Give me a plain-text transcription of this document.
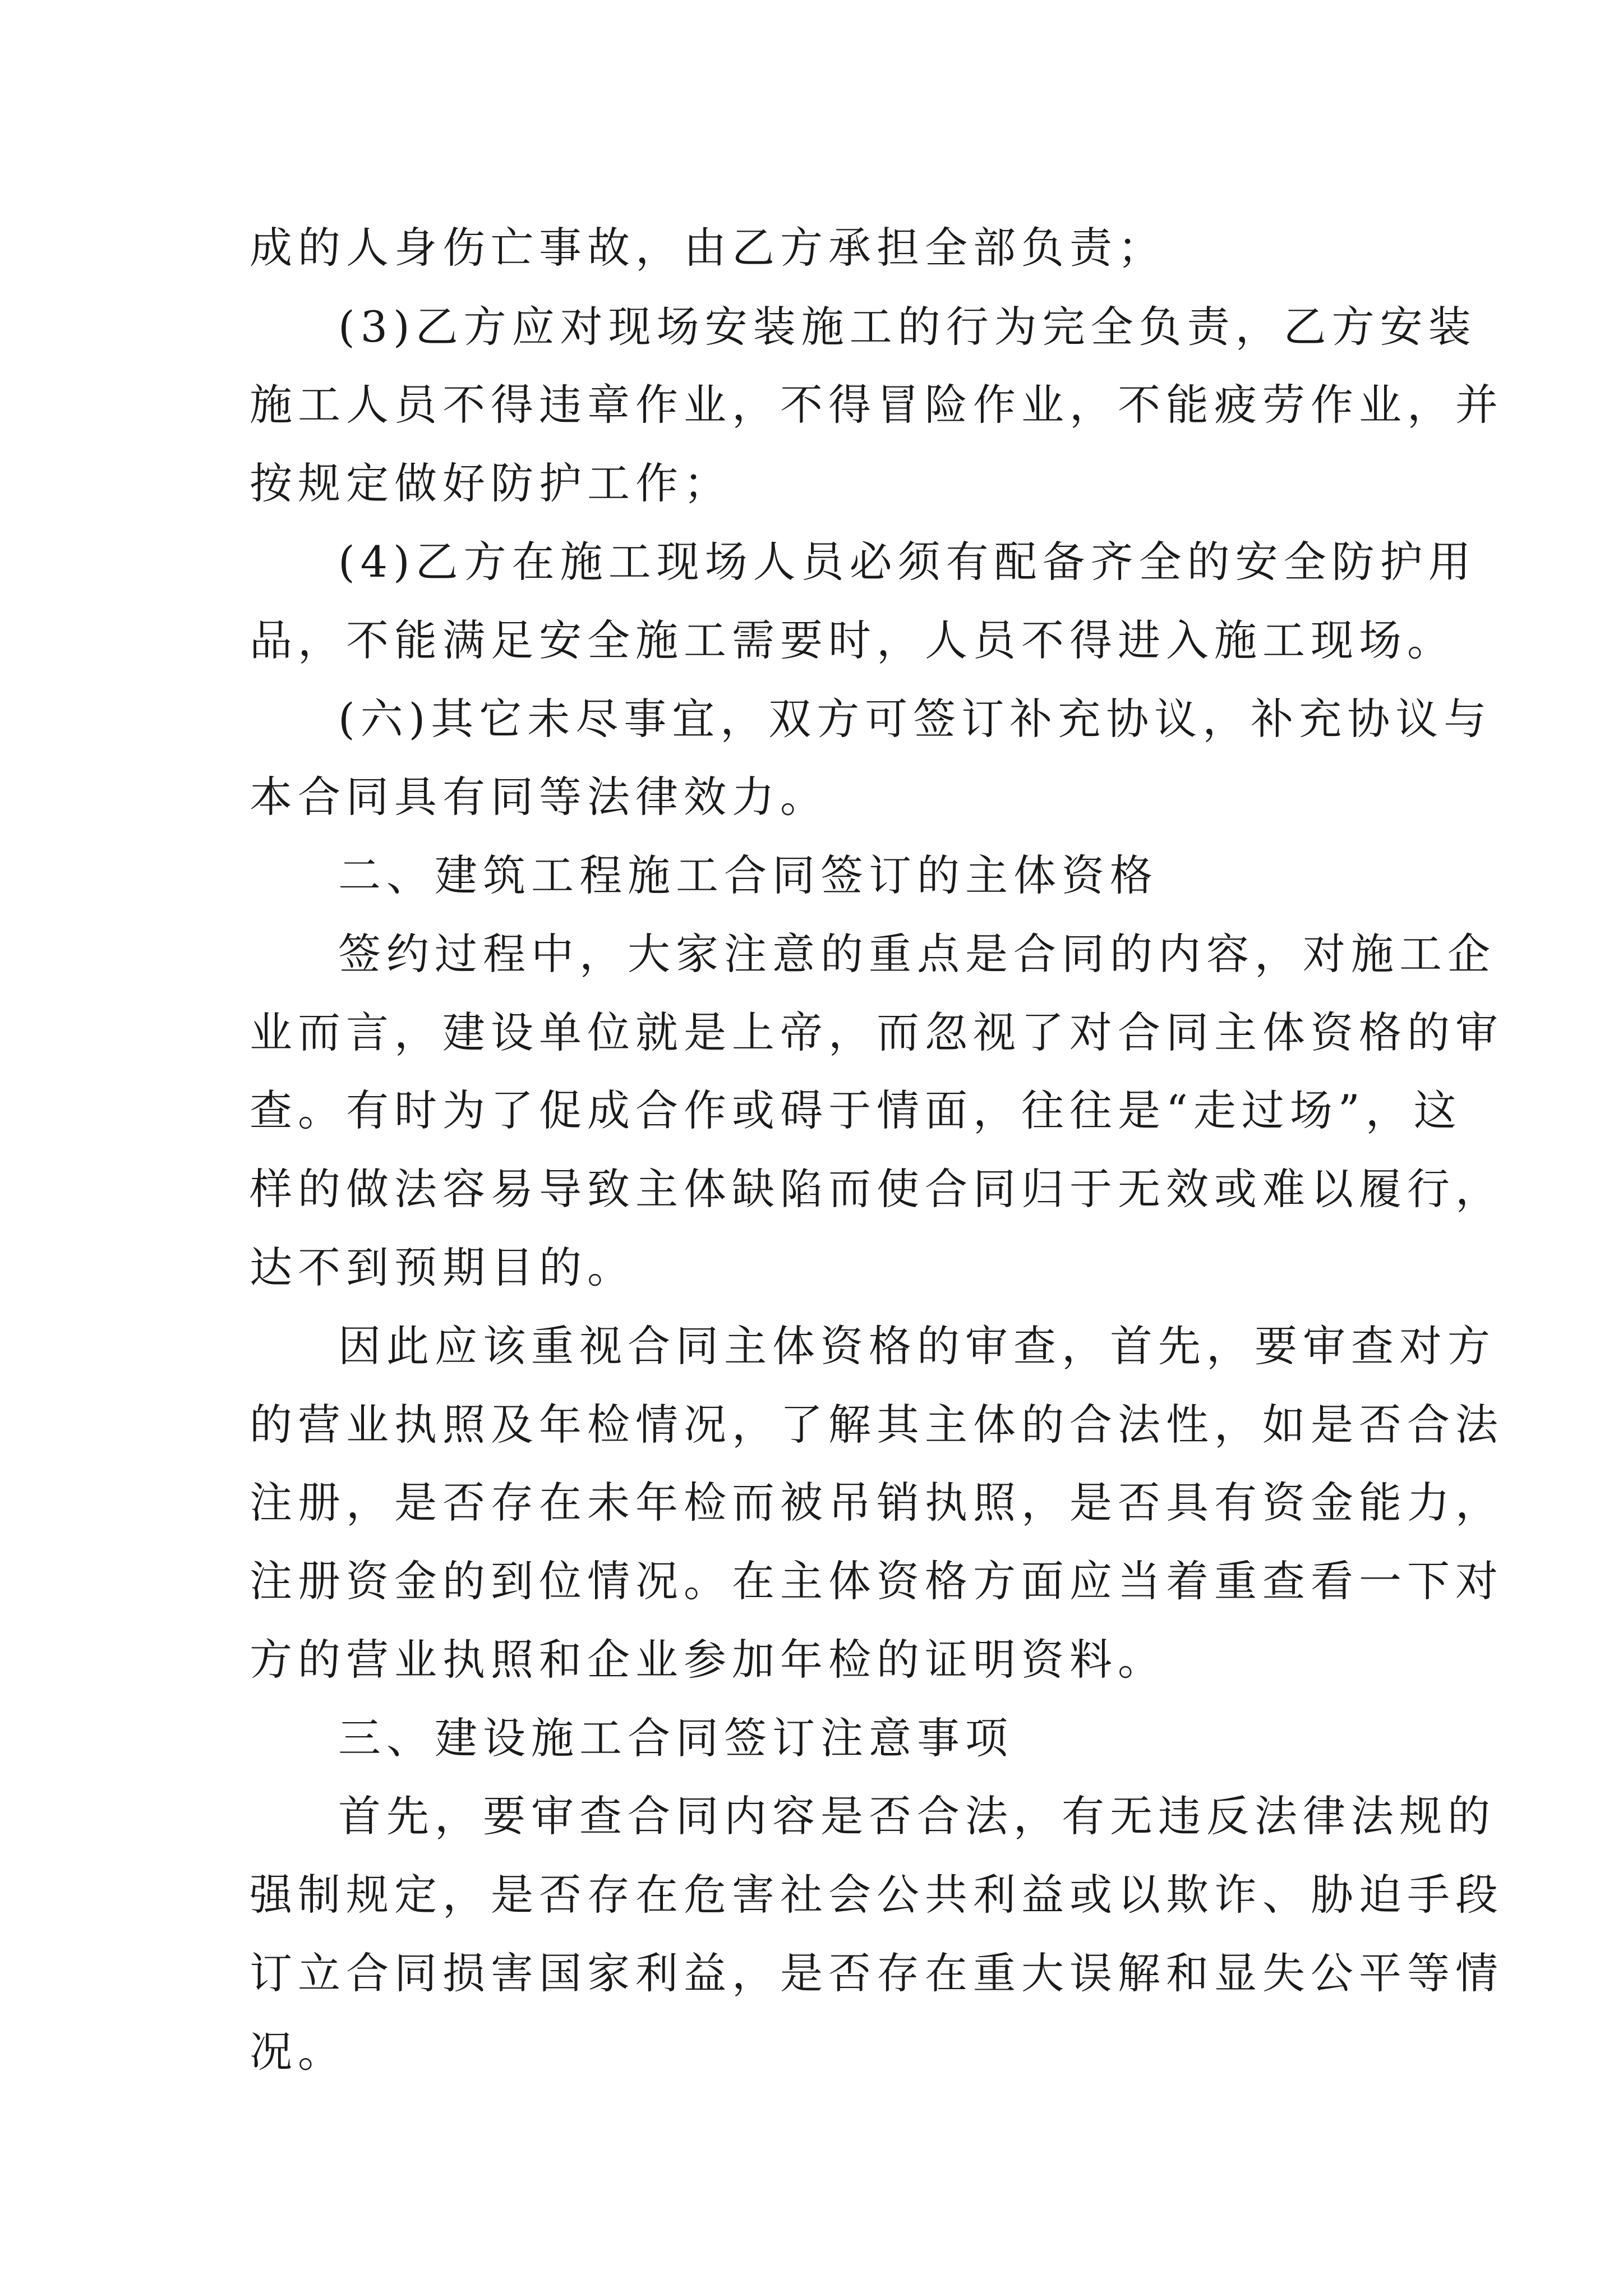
成的人身伤亡事故，由乙方承担全部负责；
(3)乙方应对现场安装施工的行为完全负责，乙方安装
施工人员不得违章作业，不得冒险作业，不能疲劳作业，并
按规定做好防护工作；
(4)乙方在施工现场人员必须有配备齐全的安全防护用
品，不能满足安全施工需要时，人员不得进入施工现场。
(六)其它未尽事宜，双方可签订补充协议，补充协议与
本合同具有同等法律效力。
二、建筑工程施工合同签订的主体资格
签约过程中，大家注意的重点是合同的内容，对施工企
业而言，建设单位就是上帝，而忽视了对合同主体资格的审
查。有时为了促成合作或碍于情面，往往是“走过场”，这
样的做法容易导致主体缺陷而使合同归于无效或难以履行，
达不到预期目的。
因此应该重视合同主体资格的审查，首先，要审查对方
的营业执照及年检情况，了解其主体的合法性，如是否合法
注册，是否存在未年检而被吊销执照，是否具有资金能力，
注册资金的到位情况。在主体资格方面应当着重查看一下对
方的营业执照和企业参加年检的证明资料。
三、建设施工合同签订注意事项
首先，要审查合同内容是否合法，有无违反法律法规的
强制规定，是否存在危害社会公共利益或以欺诈、胁迫手段
订立合同损害国家利益，是否存在重大误解和显失公平等情
况。
